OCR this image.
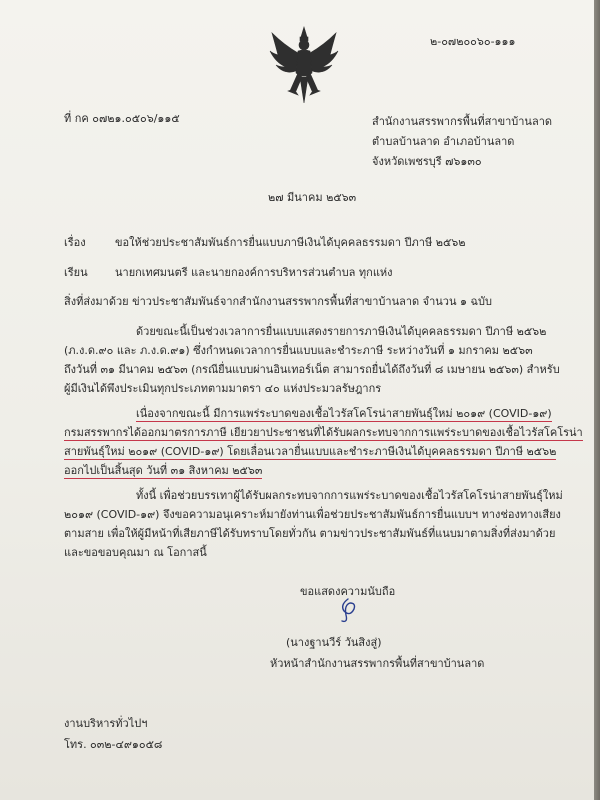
๒-๐๗๒๐๐๖๐-๑๑๑
ที่ กค ๐๗๒๑.๐๕๐๖/๑๑๕	สำนักงานสรรพากรพื้นที่สาขาบ้านลาด
ตำบลบ้านลาด อำเภอบ้านลาด
จังหวัดเพชรบุรี ๗๖๑๓๐
๒๗ มีนาคม ๒๕๖๓
เรื่อง	ขอให้ช่วยประชาสัมพันธ์การยื่นแบบภาษีเงินได้บุคคลธรรมดา ปีภาษี ๒๕๖๒
เรียน นายกเทศมนตรี และนายกองค์การบริหารส่วนตำบล ทุกแห่ง
สิ่งที่ส่งมาด้วย ข่าวประชาสัมพันธ์จากสำนักงานสรรพากรพื้นที่สาขาบ้านลาด จำนวน ๑ ฉบับ

ด้วยขณะนี้เป็นช่วงเวลาการยื่นแบบแสดงรายการภาษีเงินได้บุคคลธรรมดา ปีภาษี ๒๕๖๒

(ภ.ง.ด.๙๐ และ ภ.ง.ด.๙๑) ซึ่งกำหนดเวลาการยื่นแบบและชำระภาษี ระหว่างวันที่ ๑ มกราคม ๒๕๖๓

ถึงวันที่ ๓๑ มีนาคม ๒๕๖๓ (กรณียื่นแบบผ่านอินเทอร์เน็ต สามารถยื่นได้ถึงวันที่ ๘ เมษายน ๒๕๖๓) สำหรับ

ผู้มีเงินได้พึงประเมินทุกประเภทตามมาตรา ๔๐ แห่งประมวลรัษฎากร

เนื่องจากขณะนี้ มีการแพร่ระบาดของเชื้อไวรัสโคโรน่าสายพันธุ์ใหม่ ๒๐๑๙ (COVID-๑๙)

กรมสรรพากรได้ออกมาตรการภาษี เยียวยาประชาชนที่ได้รับผลกระทบจากการแพร่ระบาดของเชื้อไวรัสโคโรน่า

สายพันธุ์ใหม่ ๒๐๑๙ (COVID-๑๙) โดยเลื่อนเวลายื่นแบบและชำระภาษีเงินได้บุคคลธรรมดา ปีภาษี ๒๕๖๒

ออกไปเป็นสิ้นสุด วันที่ ๓๑ สิงหาคม ๒๕๖๓

ทั้งนี้ เพื่อช่วยบรรเทาผู้ได้รับผลกระทบจากการแพร่ระบาดของเชื้อไวรัสโคโรน่าสายพันธุ์ใหม่

๒๐๑๙ (COVID-๑๙) จึงขอความอนุเคราะห์มายังท่านเพื่อช่วยประชาสัมพันธ์การยื่นแบบฯ ทางช่องทางเสียง

ตามสาย เพื่อให้ผู้มีหน้าที่เสียภาษีได้รับทราบโดยทั่วกัน ตามข่าวประชาสัมพันธ์ที่แนบมาตามสิ่งที่ส่งมาด้วย

และขอขอบคุณมา ณ โอกาสนี้

ขอแสดงความนับถือ
(นางฐานวีร์ วันสิงสู่)
หัวหน้าสำนักงานสรรพากรพื้นที่สาขาบ้านลาด
งานบริหารทั่วไปฯ
โทร. ๐๓๒-๔๙๑๐๕๘
